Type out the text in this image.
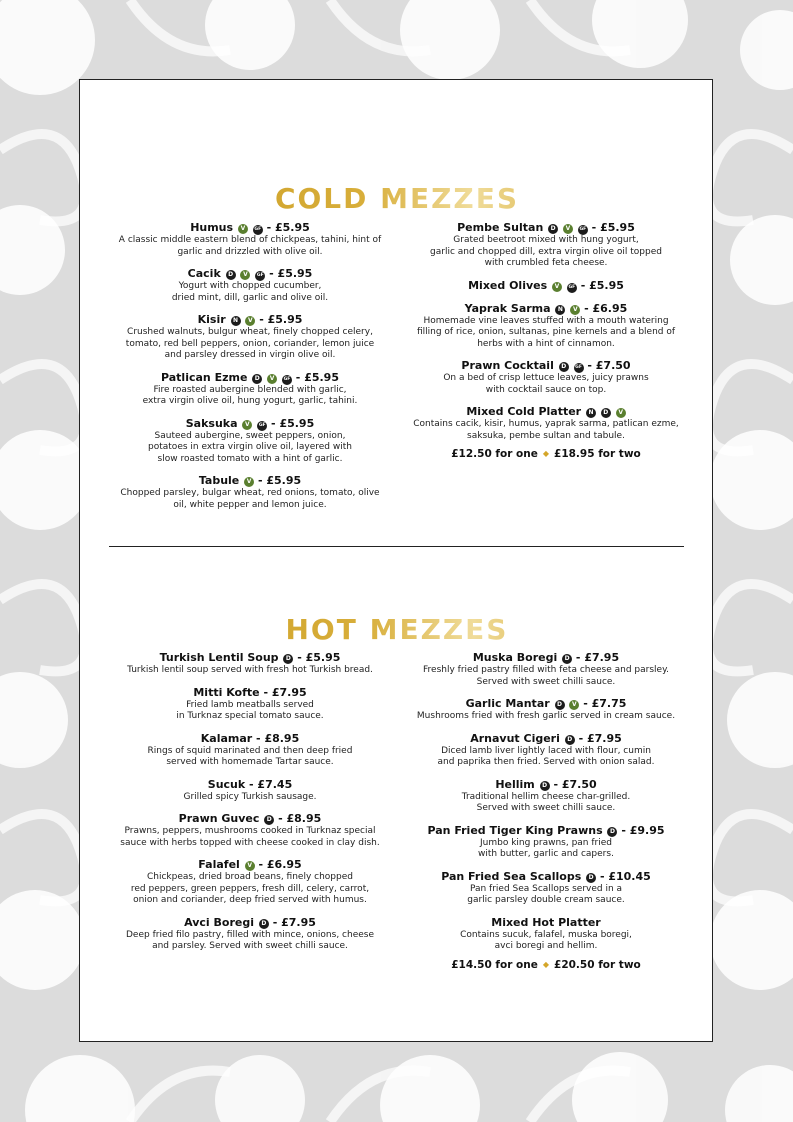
COLD MEZZES
Humus V GF - £5.95
A classic middle eastern blend of chickpeas, tahini, hint of
garlic and drizzled with olive oil.
Cacik D V GF - £5.95
Yogurt with chopped cucumber,
dried mint, dill, garlic and olive oil.
Kisir N V - £5.95
Crushed walnuts, bulgur wheat, finely chopped celery,
tomato, red bell peppers, onion, coriander, lemon juice
and parsley dressed in virgin olive oil.
Patlican Ezme D V GF - £5.95
Fire roasted aubergine blended with garlic,
extra virgin olive oil, hung yogurt, garlic, tahini.
Saksuka V GF - £5.95
Sauteed aubergine, sweet peppers, onion,
potatoes in extra virgin olive oil, layered with
slow roasted tomato with a hint of garlic.
Tabule V - £5.95
Chopped parsley, bulgar wheat, red onions, tomato, olive
oil, white pepper and lemon juice.
Pembe Sultan D V GF - £5.95
Grated beetroot mixed with hung yogurt,
garlic and chopped dill, extra virgin olive oil topped
with crumbled feta cheese.
Mixed Olives V GF - £5.95
Yaprak Sarma N V - £6.95
Homemade vine leaves stuffed with a mouth watering
filling of rice, onion, sultanas, pine kernels and a blend of
herbs with a hint of cinnamon.
Prawn Cocktail D GF - £7.50
On a bed of crisp lettuce leaves, juicy prawns
with cocktail sauce on top.
Mixed Cold Platter N D V
Contains cacik, kisir, humus, yaprak sarma, patlican ezme,
saksuka, pembe sultan and tabule.
£12.50 for one ◆ £18.95 for two
HOT MEZZES
Turkish Lentil Soup D - £5.95
Turkish lentil soup served with fresh hot Turkish bread.
Mitti Kofte - £7.95
Fried lamb meatballs served
in Turknaz special tomato sauce.
Kalamar - £8.95
Rings of squid marinated and then deep fried
served with homemade Tartar sauce.
Sucuk - £7.45
Grilled spicy Turkish sausage.
Prawn Guvec D - £8.95
Prawns, peppers, mushrooms cooked in Turknaz special
sauce with herbs topped with cheese cooked in clay dish.
Falafel V - £6.95
Chickpeas, dried broad beans, finely chopped
red peppers, green peppers, fresh dill, celery, carrot,
onion and coriander, deep fried served with humus.
Avci Boregi D - £7.95
Deep fried filo pastry, filled with mince, onions, cheese
and parsley. Served with sweet chilli sauce.
Muska Boregi D - £7.95
Freshly fried pastry filled with feta cheese and parsley.
Served with sweet chilli sauce.
Garlic Mantar D V - £7.75
Mushrooms fried with fresh garlic served in cream sauce.
Arnavut Cigeri D - £7.95
Diced lamb liver lightly laced with flour, cumin
and paprika then fried. Served with onion salad.
Hellim D - £7.50
Traditional hellim cheese char-grilled.
Served with sweet chilli sauce.
Pan Fried Tiger King Prawns D - £9.95
Jumbo king prawns, pan fried
with butter, garlic and capers.
Pan Fried Sea Scallops D - £10.45
Pan fried Sea Scallops served in a
garlic parsley double cream sauce.
Mixed Hot Platter
Contains sucuk, falafel, muska boregi,
avci boregi and hellim.
£14.50 for one ◆ £20.50 for two
